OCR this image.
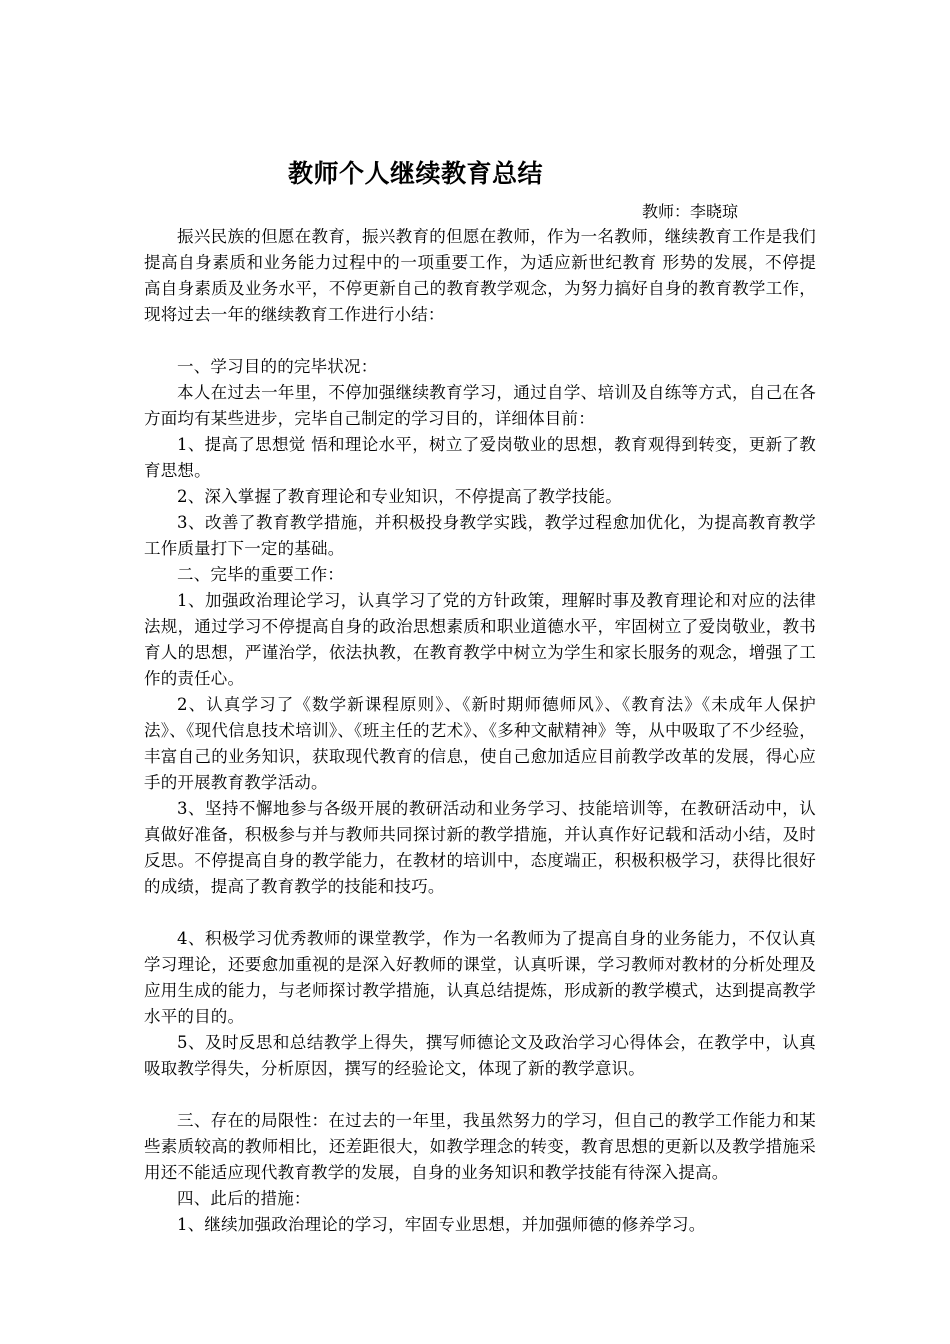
教师个人继续教育总结
教师：李晓琼

振兴民族的但愿在教育，振兴教育的但愿在教师，作为一名教师，继续教育工作是我们提高自身素质和业务能力过程中的一项重要工作，为适应新世纪教育 形势的发展，不停提高自身素质及业务水平，不停更新自己的教育教学观念，为努力搞好自身的教育教学工作，现将过去一年的继续教育工作进行小结：

一、学习目的的完毕状况：

本人在过去一年里，不停加强继续教育学习，通过自学、培训及自练等方式，自己在各方面均有某些进步，完毕自己制定的学习目的，详细体目前：

1、提高了思想觉 悟和理论水平，树立了爱岗敬业的思想，教育观得到转变，更新了教育思想。

2、深入掌握了教育理论和专业知识，不停提高了教学技能。

3、改善了教育教学措施，并积极投身教学实践，教学过程愈加优化，为提高教育教学工作质量打下一定的基础。

二、完毕的重要工作：

1、加强政治理论学习，认真学习了党的方针政策，理解时事及教育理论和对应的法律法规，通过学习不停提高自身的政治思想素质和职业道德水平，牢固树立了爱岗敬业，教书育人的思想，严谨治学，依法执教，在教育教学中树立为学生和家长服务的观念，增强了工作的责任心。

2、认真学习了《数学新课程原则》、《新时期师德师风》、《教育法》《未成年人保护法》、《现代信息技术培训》、《班主任的艺术》、《多种文献精神》等，从中吸取了不少经验，丰富自己的业务知识，获取现代教育的信息，使自己愈加适应目前教学改革的发展，得心应手的开展教育教学活动。

3、坚持不懈地参与各级开展的教研活动和业务学习、技能培训等，在教研活动中，认真做好准备，积极参与并与教师共同探讨新的教学措施，并认真作好记载和活动小结，及时反思。不停提高自身的教学能力，在教材的培训中，态度端正，积极积极学习，获得比很好的成绩，提高了教育教学的技能和技巧。

4、积极学习优秀教师的课堂教学，作为一名教师为了提高自身的业务能力，不仅认真学习理论，还要愈加重视的是深入好教师的课堂，认真听课，学习教师对教材的分析处理及应用生成的能力，与老师探讨教学措施，认真总结提炼，形成新的教学模式，达到提高教学水平的目的。

5、及时反思和总结教学上得失，撰写师德论文及政治学习心得体会，在教学中，认真吸取教学得失，分析原因，撰写的经验论文，体现了新的教学意识。

三、存在的局限性：在过去的一年里，我虽然努力的学习，但自己的教学工作能力和某些素质较高的教师相比，还差距很大，如教学理念的转变，教育思想的更新以及教学措施采用还不能适应现代教育教学的发展，自身的业务知识和教学技能有待深入提高。

四、此后的措施：

1、继续加强政治理论的学习，牢固专业思想，并加强师德的修养学习。
